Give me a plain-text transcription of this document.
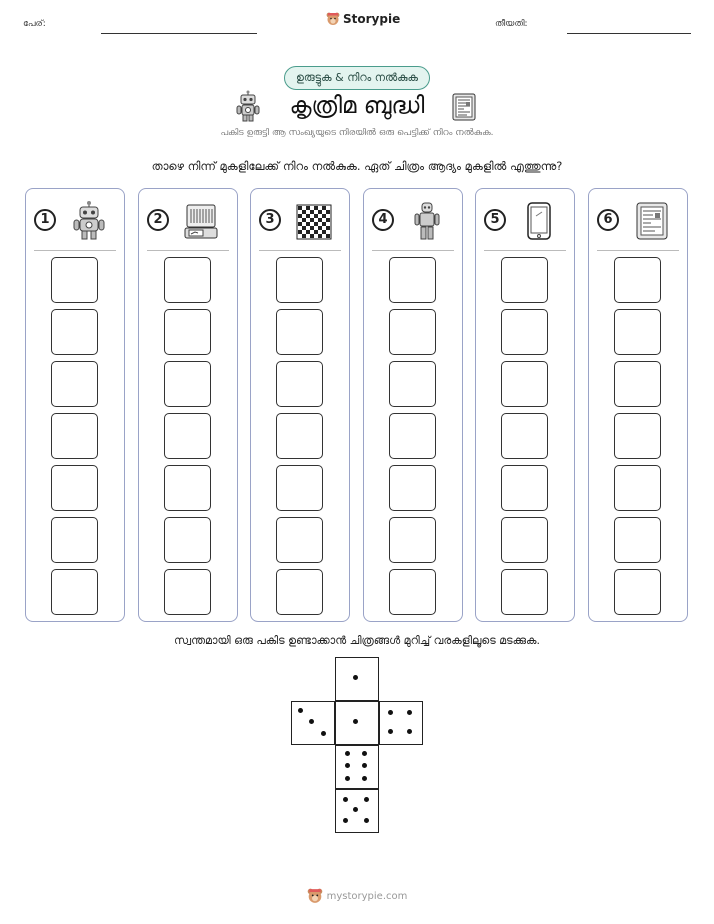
പേര്:	Storypie	തീയതി:
ഉരുട്ടുക & നിറം നൽകുക
കൃത്രിമ ബുദ്ധി
പകിട ഉരുട്ടി ആ സംഖ്യയുടെ നിരയിൽ ഒരു പെട്ടിക്ക് നിറം നൽകുക.
താഴെ നിന്ന് മുകളിലേക്ക് നിറം നൽകുക. ഏത് ചിത്രം ആദ്യം മുകളിൽ എത്തുന്നു?
1	2	3	4	5	6
സ്വന്തമായി ഒരു പകിട ഉണ്ടാക്കാൻ ചിത്രങ്ങൾ മുറിച്ച് വരകളിലൂടെ മടക്കുക.
mystorypie.com
